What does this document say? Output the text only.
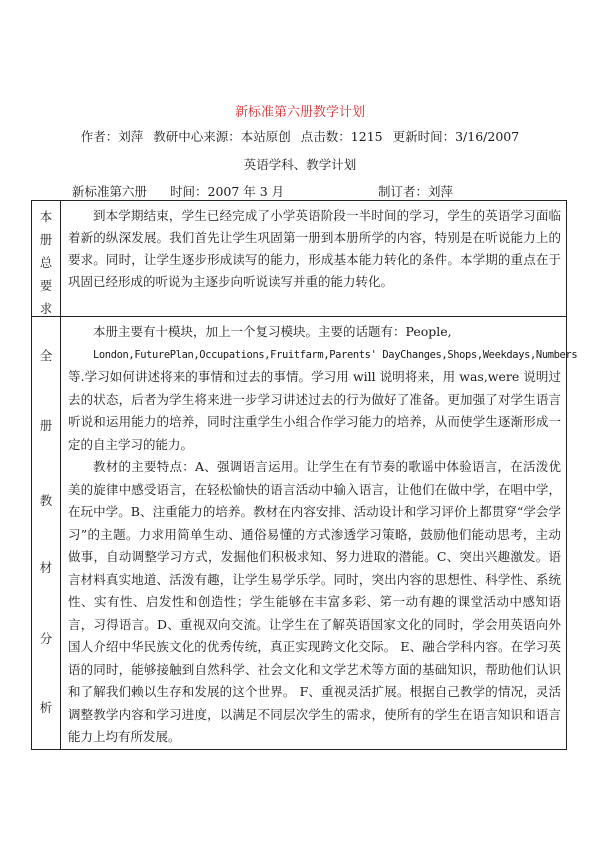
新标准第六册教学计划
作者：刘萍 教研中心来源：本站原创 点击数：1215 更新时间：3/16/2007
英语学科、教学计划
新标准第六册 时间：2007 年 3 月	制订者：刘萍
本
册
总
要
求

到本学期结束，学生已经完成了小学英语阶段一半时间的学习，学生的英语学习面临着新的纵深发展。我们首先让学生巩固第一册到本册所学的内容，特别是在听说能力上的要求。同时，让学生逐步形成读写的能力，形成基本能力转化的条件。本学期的重点在于巩固已经形成的听说为主逐步向听说读写并重的能力转化。

全
册
教
材
分
析

本册主要有十模块，加上一个复习模块。主要的话题有：People,
London,FuturePlan,Occupations,Fruitfarm,Parents' DayChanges,Shops,Weekdays,Numbers
等.学习如何讲述将来的事情和过去的事情。学习用 will 说明将来，用 was,were 说明过去的状态，后者为学生将来进一步学习讲述过去的行为做好了准备。更加强了对学生语言听说和运用能力的培养，同时注重学生小组合作学习能力的培养，从而使学生逐渐形成一定的自主学习的能力。

教材的主要特点：A、强调语言运用。让学生在有节奏的歌谣中体验语言，在活泼优美的旋律中感受语言，在轻松愉快的语言活动中输入语言，让他们在做中学，在唱中学，在玩中学。B、注重能力的培养。教材在内容安排、活动设计和学习评价上都贯穿“学会学习”的主题。力求用简单生动、通俗易懂的方式渗透学习策略，鼓励他们能动思考，主动做事，自动调整学习方式，发掘他们积极求知、努力进取的潜能。C、突出兴趣激发。语言材料真实地道、活泼有趣，让学生易学乐学。同时，突出内容的思想性、科学性、系统性、实有性、启发性和创造性；学生能够在丰富多彩、笫一动有趣的课堂活动中感知语言，习得语言。D、重视双向交流。让学生在了解英语国家文化的同时，学会用英语向外国人介绍中华民族文化的优秀传统，真正实现跨文化交际。 E、融合学科内容。在学习英语的同时，能够接触到自然科学、社会文化和文学艺术等方面的基础知识，帮助他们认识和了解我们赖以生存和发展的这个世界。 F、重视灵活扩展。根据自己教学的情况，灵活调整教学内容和学习进度，以满足不同层次学生的需求，使所有的学生在语言知识和语言能力上均有所发展。
